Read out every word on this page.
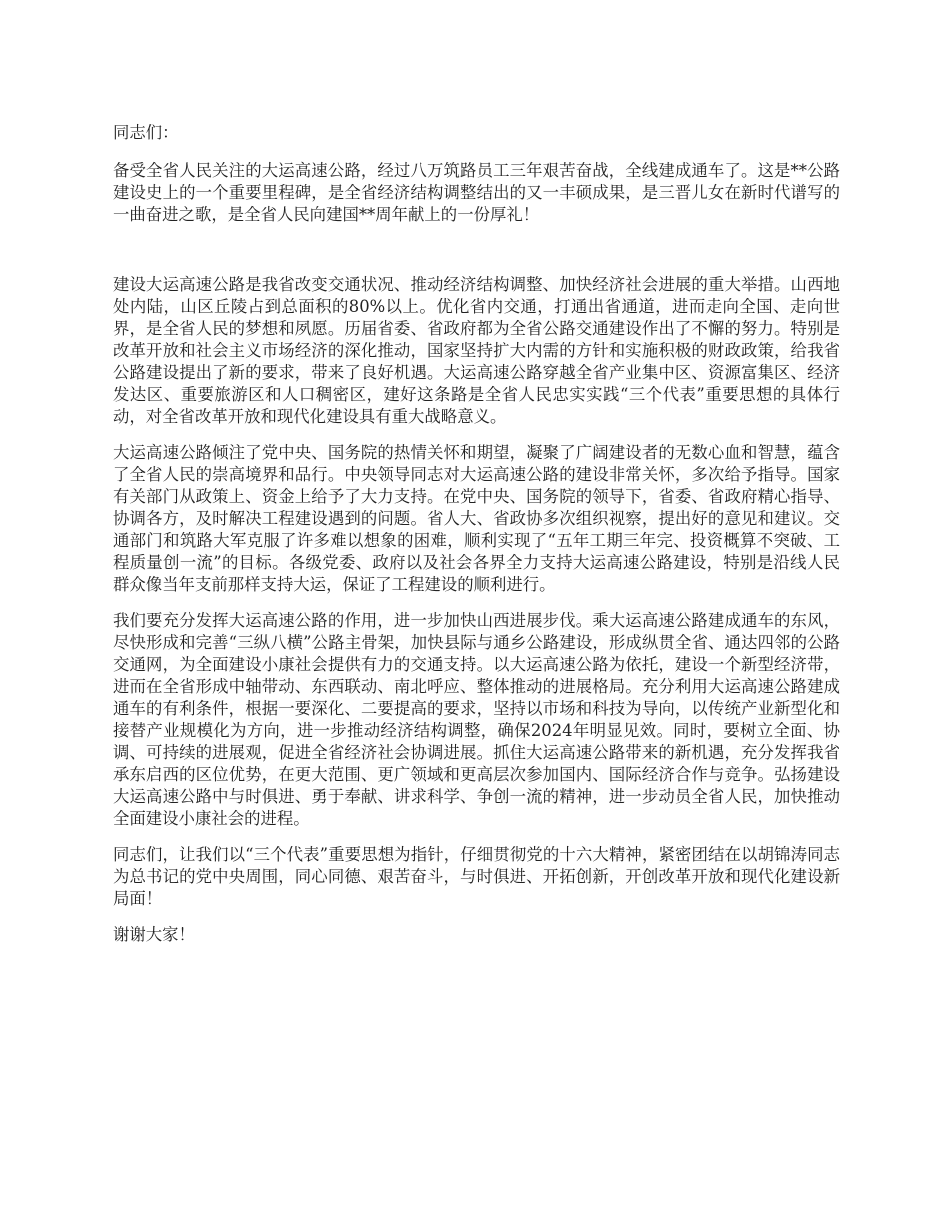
同志们：

备受全省人民关注的大运高速公路，经过八万筑路员工三年艰苦奋战，全线建成通车了。这是**公路建设史上的一个重要里程碑，是全省经济结构调整结出的又一丰硕成果，是三晋儿女在新时代谱写的一曲奋进之歌，是全省人民向建国**周年献上的一份厚礼！

建设大运高速公路是我省改变交通状况、推动经济结构调整、加快经济社会进展的重大举措。山西地处内陆，山区丘陵占到总面积的80%以上。优化省内交通，打通出省通道，进而走向全国、走向世界，是全省人民的梦想和夙愿。历届省委、省政府都为全省公路交通建设作出了不懈的努力。特别是改革开放和社会主义市场经济的深化推动，国家坚持扩大内需的方针和实施积极的财政政策，给我省公路建设提出了新的要求，带来了良好机遇。大运高速公路穿越全省产业集中区、资源富集区、经济发达区、重要旅游区和人口稠密区，建好这条路是全省人民忠实实践“三个代表”重要思想的具体行动，对全省改革开放和现代化建设具有重大战略意义。

大运高速公路倾注了党中央、国务院的热情关怀和期望，凝聚了广阔建设者的无数心血和智慧，蕴含了全省人民的崇高境界和品行。中央领导同志对大运高速公路的建设非常关怀，多次给予指导。国家有关部门从政策上、资金上给予了大力支持。在党中央、国务院的领导下，省委、省政府精心指导、协调各方，及时解决工程建设遇到的问题。省人大、省政协多次组织视察，提出好的意见和建议。交通部门和筑路大军克服了许多难以想象的困难，顺利实现了“五年工期三年完、投资概算不突破、工程质量创一流”的目标。各级党委、政府以及社会各界全力支持大运高速公路建设，特别是沿线人民群众像当年支前那样支持大运，保证了工程建设的顺利进行。

我们要充分发挥大运高速公路的作用，进一步加快山西进展步伐。乘大运高速公路建成通车的东风，尽快形成和完善“三纵八横”公路主骨架，加快县际与通乡公路建设，形成纵贯全省、通达四邻的公路交通网，为全面建设小康社会提供有力的交通支持。以大运高速公路为依托，建设一个新型经济带，进而在全省形成中轴带动、东西联动、南北呼应、整体推动的进展格局。充分利用大运高速公路建成通车的有利条件，根据一要深化、二要提高的要求，坚持以市场和科技为导向，以传统产业新型化和接替产业规模化为方向，进一步推动经济结构调整，确保2024年明显见效。同时，要树立全面、协调、可持续的进展观，促进全省经济社会协调进展。抓住大运高速公路带来的新机遇，充分发挥我省承东启西的区位优势，在更大范围、更广领域和更高层次参加国内、国际经济合作与竞争。弘扬建设大运高速公路中与时俱进、勇于奉献、讲求科学、争创一流的精神，进一步动员全省人民，加快推动全面建设小康社会的进程。

同志们，让我们以“三个代表”重要思想为指针，仔细贯彻党的十六大精神，紧密团结在以胡锦涛同志为总书记的党中央周围，同心同德、艰苦奋斗，与时俱进、开拓创新，开创改革开放和现代化建设新局面！

谢谢大家！
